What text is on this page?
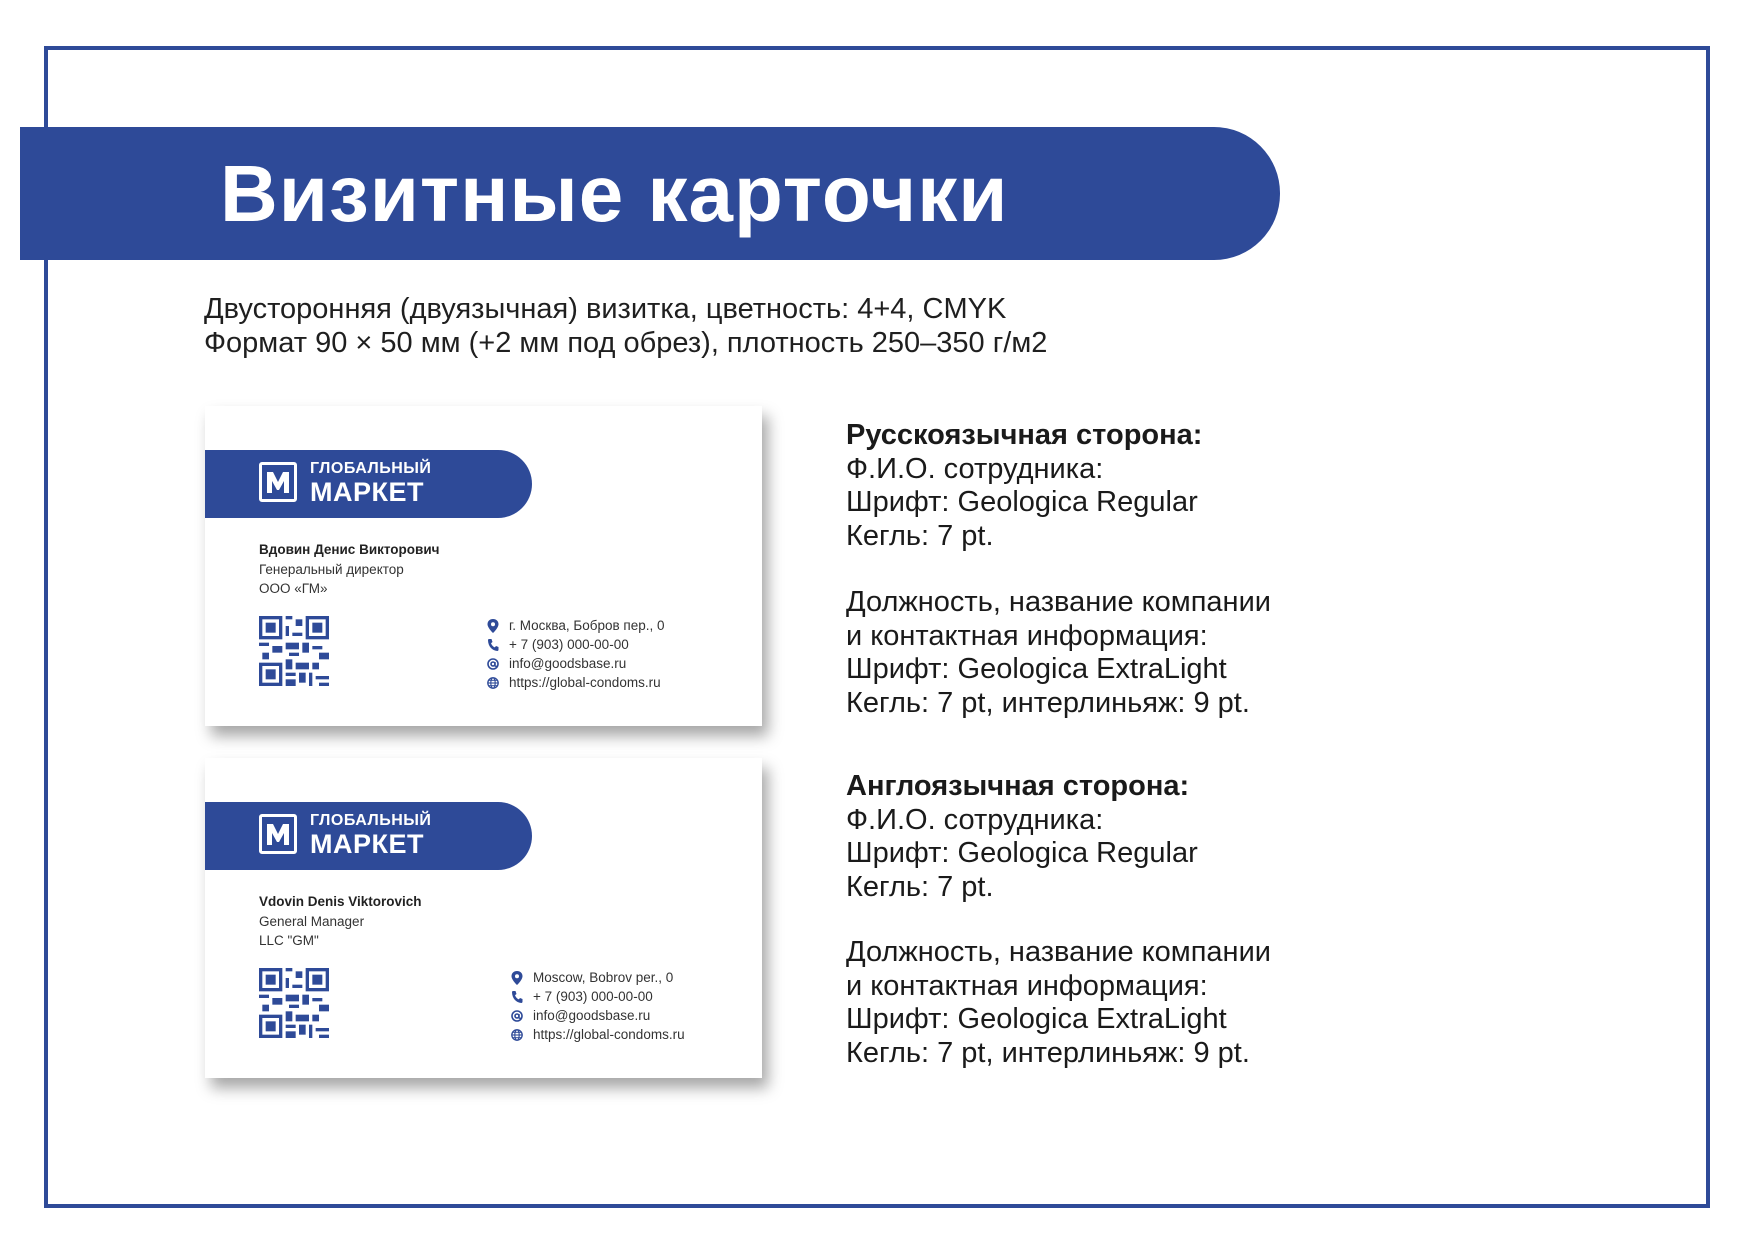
Визитные карточки
Двусторонняя (двуязычная) визитка, цветность: 4+4, CMYK
Формат 90 × 50 мм (+2 мм под обрез), плотность 250–350 г/м2
ГЛОБАЛЬНЫЙ
МАРКЕТ
Вдовин Денис Викторович
Генеральный директор
ООО «ГМ»
г. Москва, Бобров пер., 0
+ 7 (903) 000-00-00
info@goodsbase.ru
https://global-condoms.ru
ГЛОБАЛЬНЫЙ
МАРКЕТ
Vdovin Denis Viktorovich
General Manager
LLC "GM"
Moscow, Bobrov per., 0
+ 7 (903) 000-00-00
info@goodsbase.ru
https://global-condoms.ru
Русскоязычная сторона:
Ф.И.О. сотрудника:
Шрифт: Geologica Regular
Кегль: 7 pt.
Должность, название компании
и контактная информация:
Шрифт: Geologica ExtraLight
Кегль: 7 pt, интерлиньяж: 9 pt.
Англоязычная сторона:
Ф.И.О. сотрудника:
Шрифт: Geologica Regular
Кегль: 7 pt.
Должность, название компании
и контактная информация:
Шрифт: Geologica ExtraLight
Кегль: 7 pt, интерлиньяж: 9 pt.
